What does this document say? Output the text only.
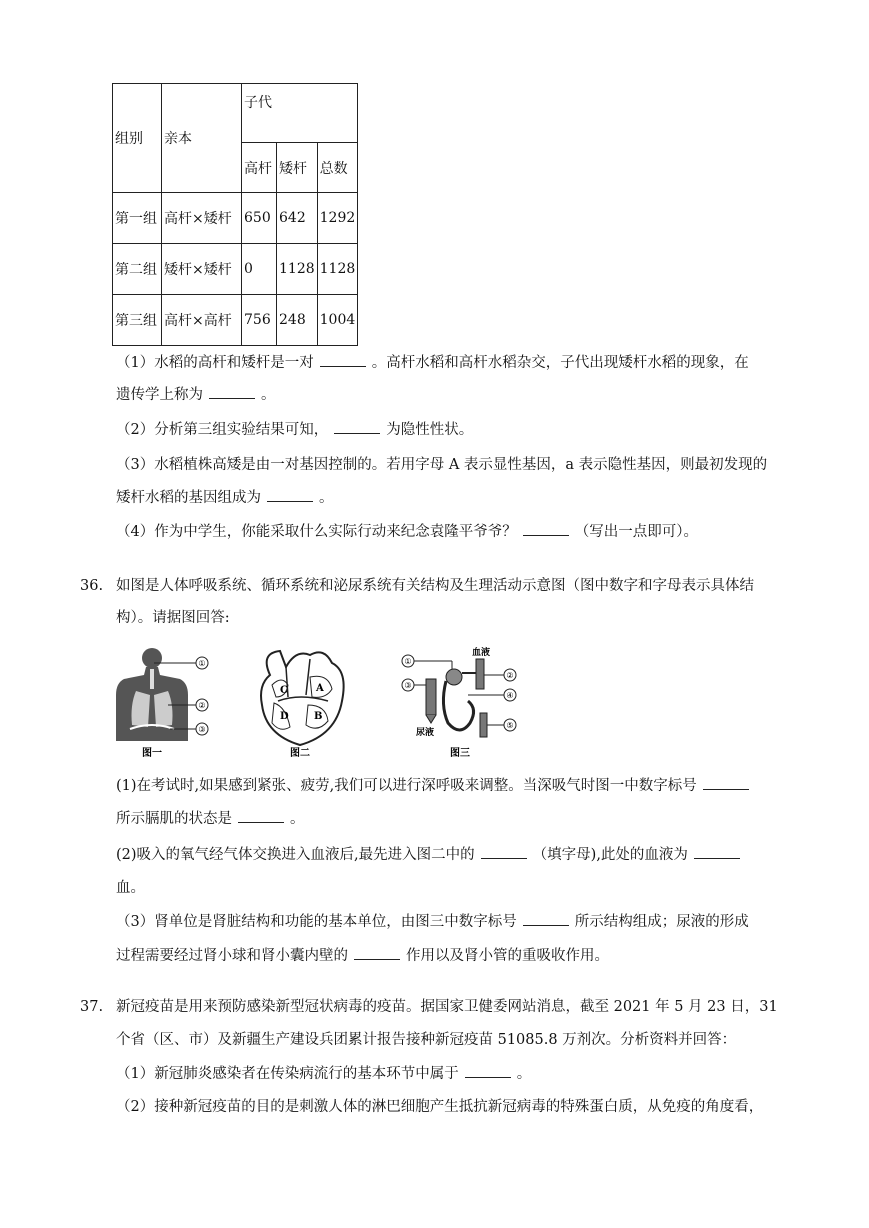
组别	亲本	子代		
		高杆	矮杆	总数
第一组	高杆×矮杆	650	642	1292
第二组	矮杆×矮杆	0	1128	1128
第三组	高杆×高杆	756	248	1004
（1）水稻的高杆和矮杆是一对	。高杆水稻和高杆水稻杂交，子代出现矮杆水稻的现象，在
遗传学上称为	。
（2）分析第三组实验结果可知，	为隐性性状。
（3）水稻植株高矮是由一对基因控制的。若用字母 A 表示显性基因，a 表示隐性基因，则最初发现的
矮杆水稻的基因组成为	。
（4）作为中学生，你能采取什么实际行动来纪念袁隆平爷爷？	（写出一点即可）。
36. 如图是人体呼吸系统、循环系统和泌尿系统有关结构及生理活动示意图（图中数字和字母表示具体结
构）。请据图回答:
①
②
③
图一
C	A
D	B
图二
①
③
尿液
血液
②
④
⑤
图三
(1)在考试时,如果感到紧张、疲劳,我们可以进行深呼吸来调整。当深吸气时图一中数字标号
所示膈肌的状态是	。
(2)吸入的氧气经气体交换进入血液后,最先进入图二中的	（填字母),此处的血液为
血。
（3）肾单位是肾脏结构和功能的基本单位，由图三中数字标号	所示结构组成；尿液的形成
过程需要经过肾小球和肾小囊内壁的	作用以及肾小管的重吸收作用。
37. 新冠疫苗是用来预防感染新型冠状病毒的疫苗。据国家卫健委网站消息，截至 2021 年 5 月 23 日，31
个省（区、市）及新疆生产建设兵团累计报告接种新冠疫苗 51085.8 万剂次。分析资料并回答：
（1）新冠肺炎感染者在传染病流行的基本环节中属于	。
（2）接种新冠疫苗的目的是刺激人体的淋巴细胞产生抵抗新冠病毒的特殊蛋白质，从免疫的角度看，
